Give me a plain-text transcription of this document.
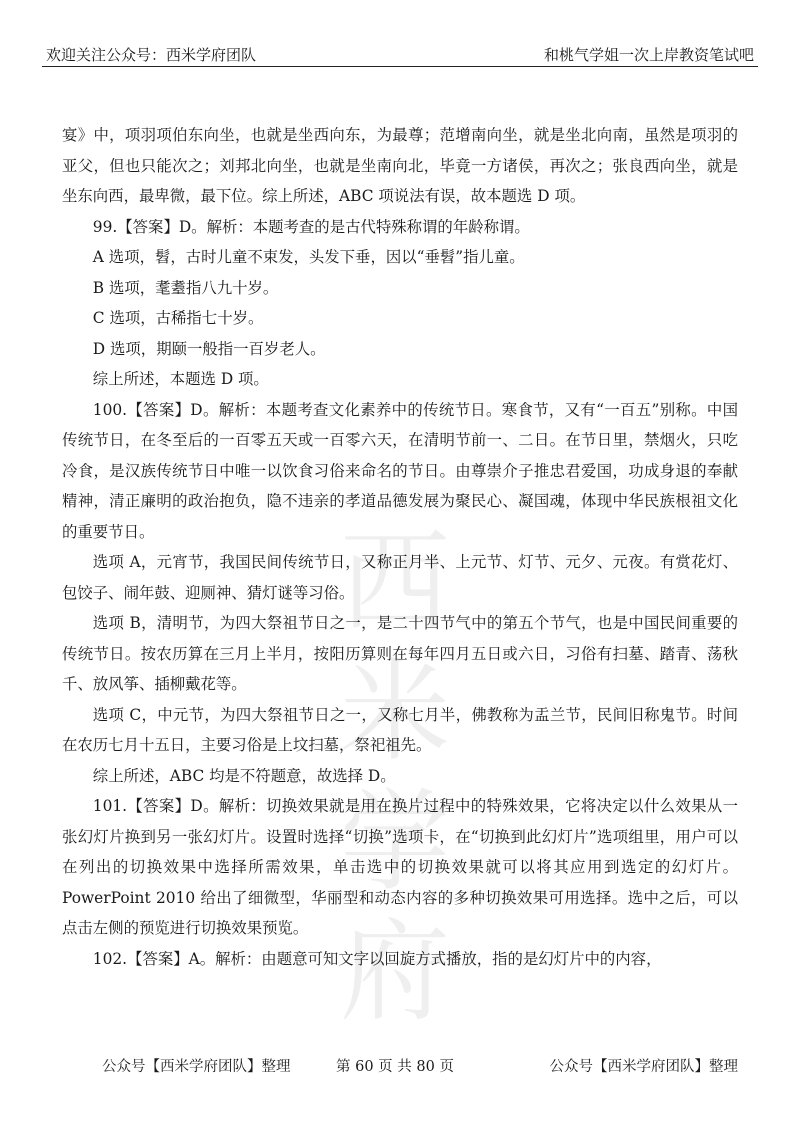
欢迎关注公众号：西米学府团队	和桃气学姐一次上岸教资笔试吧
西
米
学
府

宴》中，项羽项伯东向坐，也就是坐西向东，为最尊；范增南向坐，就是坐北向南，虽然是项羽的亚父，但也只能次之；刘邦北向坐，也就是坐南向北，毕竟一方诸侯，再次之；张良西向坐，就是坐东向西，最卑微，最下位。综上所述，ABC 项说法有误，故本题选 D 项。

99.【答案】D。解析：本题考查的是古代特殊称谓的年龄称谓。

A 选项，髫，古时儿童不束发，头发下垂，因以“垂髫”指儿童。

B 选项，耄耋指八九十岁。

C 选项，古稀指七十岁。

D 选项，期颐一般指一百岁老人。

综上所述，本题选 D 项。

100.【答案】D。解析：本题考查文化素养中的传统节日。寒食节，又有“一百五”别称。中国传统节日，在冬至后的一百零五天或一百零六天，在清明节前一、二日。在节日里，禁烟火，只吃冷食，是汉族传统节日中唯一以饮食习俗来命名的节日。由尊崇介子推忠君爱国，功成身退的奉献精神，清正廉明的政治抱负，隐不违亲的孝道品德发展为聚民心、凝国魂，体现中华民族根祖文化的重要节日。

选项 A，元宵节，我国民间传统节日，又称正月半、上元节、灯节、元夕、元夜。有赏花灯、包饺子、闹年鼓、迎厕神、猜灯谜等习俗。

选项 B，清明节，为四大祭祖节日之一，是二十四节气中的第五个节气，也是中国民间重要的传统节日。按农历算在三月上半月，按阳历算则在每年四月五日或六日，习俗有扫墓、踏青、荡秋千、放风筝、插柳戴花等。

选项 C，中元节，为四大祭祖节日之一，又称七月半，佛教称为盂兰节，民间旧称鬼节。时间在农历七月十五日，主要习俗是上坟扫墓，祭祀祖先。

综上所述，ABC 均是不符题意，故选择 D。

101.【答案】D。解析：切换效果就是用在换片过程中的特殊效果，它将决定以什么效果从一张幻灯片换到另一张幻灯片。设置时选择“切换”选项卡，在“切换到此幻灯片”选项组里，用户可以在列出的切换效果中选择所需效果，单击选中的切换效果就可以将其应用到选定的幻灯片。PowerPoint 2010 给出了细微型，华丽型和动态内容的多种切换效果可用选择。选中之后，可以点击左侧的预览进行切换效果预览。

102.【答案】A。解析：由题意可知文字以回旋方式播放，指的是幻灯片中的内容，

公众号【西米学府团队】整理	第 60 页 共 80 页	公众号【西米学府团队】整理
